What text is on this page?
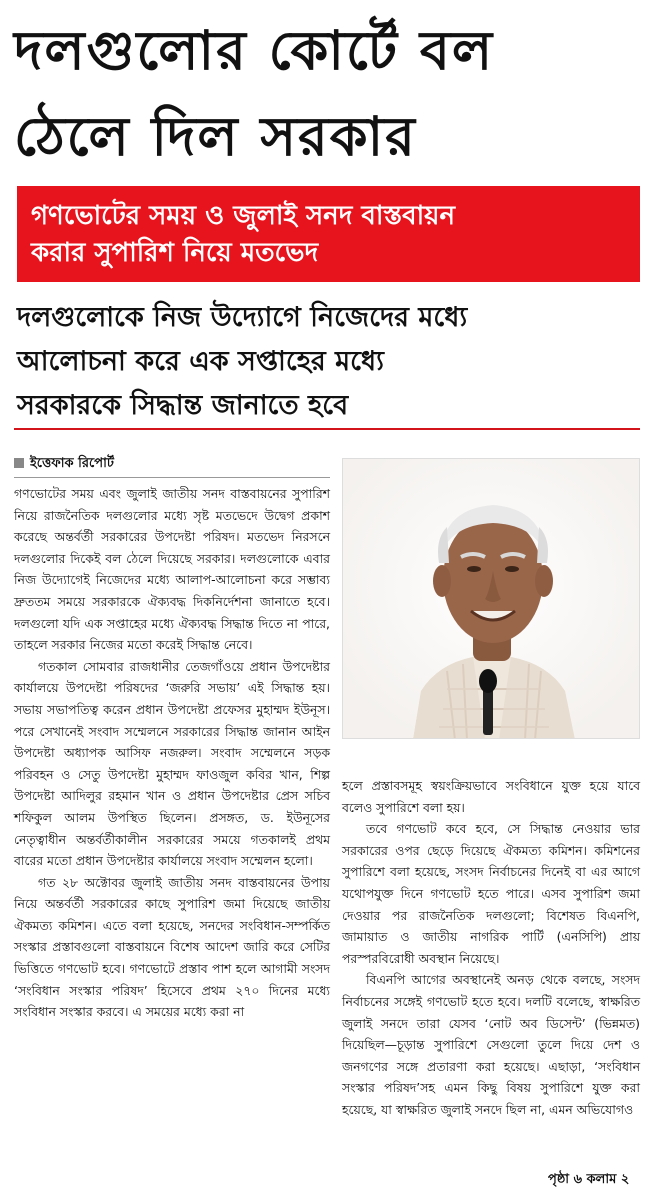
দলগুলোর কোর্টে বল
ঠেলে দিল সরকার
গণভোটের সময় ও জুলাই সনদ বাস্তবায়ন
করার সুপারিশ নিয়ে মতভেদ
দলগুলোকে নিজ উদ্যোগে নিজেদের মধ্যে
আলোচনা করে এক সপ্তাহের মধ্যে
সরকারকে সিদ্ধান্ত জানাতে হবে
ইত্তেফাক রিপোর্ট

গণভোটের সময় এবং জুলাই জাতীয় সনদ বাস্তবায়নের সুপারিশ নিয়ে রাজনৈতিক দলগুলোর মধ্যে সৃষ্ট মতভেদে উদ্বেগ প্রকাশ করেছে অন্তর্বর্তী সরকারের উপদেষ্টা পরিষদ। মতভেদ নিরসনে দলগুলোর দিকেই বল ঠেলে দিয়েছে সরকার। দলগুলোকে এবার নিজ উদ্যোগেই নিজেদের মধ্যে আলাপ-আলোচনা করে সম্ভাব্য দ্রুততম সময়ে সরকারকে ঐক্যবদ্ধ দিকনির্দেশনা জানাতে হবে। দলগুলো যদি এক সপ্তাহের মধ্যে ঐক্যবদ্ধ সিদ্ধান্ত দিতে না পারে, তাহলে সরকার নিজের মতো করেই সিদ্ধান্ত নেবে।

গতকাল সোমবার রাজধানীর তেজগাঁওয়ে প্রধান উপদেষ্টার কার্যালয়ে উপদেষ্টা পরিষদের ‘জরুরি সভায়’ এই সিদ্ধান্ত হয়। সভায় সভাপতিত্ব করেন প্রধান উপদেষ্টা প্রফেসর মুহাম্মদ ইউনূস। পরে সেখানেই সংবাদ সম্মেলনে সরকারের সিদ্ধান্ত জানান আইন উপদেষ্টা অধ্যাপক আসিফ নজরুল। সংবাদ সম্মেলনে সড়ক পরিবহন ও সেতু উপদেষ্টা মুহাম্মদ ফাওজুল কবির খান, শিল্প উপদেষ্টা আদিলুর রহমান খান ও প্রধান উপদেষ্টার প্রেস সচিব শফিকুল আলম উপস্থিত ছিলেন। প্রসঙ্গত, ড. ইউনূসের নেতৃত্বাধীন অন্তর্বর্তীকালীন সরকারের সময়ে গতকালই প্রথম বারের মতো প্রধান উপদেষ্টার কার্যালয়ে সংবাদ সম্মেলন হলো।

গত ২৮ অক্টোবর জুলাই জাতীয় সনদ বাস্তবায়নের উপায় নিয়ে অন্তর্বর্তী সরকারের কাছে সুপারিশ জমা দিয়েছে জাতীয় ঐকমত্য কমিশন। এতে বলা হয়েছে, সনদের সংবিধান-সম্পর্কিত সংস্কার প্রস্তাবগুলো বাস্তবায়নে বিশেষ আদেশ জারি করে সেটির ভিত্তিতে গণভোট হবে। গণভোটে প্রস্তাব পাশ হলে আগামী সংসদ ‘সংবিধান সংস্কার পরিষদ’ হিসেবে প্রথম ২৭০ দিনের মধ্যে সংবিধান সংস্কার করবে। এ সময়ের মধ্যে করা না

হলে প্রস্তাবসমূহ স্বয়ংক্রিয়ভাবে সংবিধানে যুক্ত হয়ে যাবে বলেও সুপারিশে বলা হয়।

তবে গণভোট কবে হবে, সে সিদ্ধান্ত নেওয়ার ভার সরকারের ওপর ছেড়ে দিয়েছে ঐকমত্য কমিশন। কমিশনের সুপারিশে বলা হয়েছে, সংসদ নির্বাচনের দিনেই বা এর আগে যথোপযুক্ত দিনে গণভোট হতে পারে। এসব সুপারিশ জমা দেওয়ার পর রাজনৈতিক দলগুলো; বিশেষত বিএনপি, জামায়াত ও জাতীয় নাগরিক পার্টি (এনসিপি) প্রায় পরস্পরবিরোধী অবস্থান নিয়েছে।

বিএনপি আগের অবস্থানেই অনড় থেকে বলছে, সংসদ নির্বাচনের সঙ্গেই গণভোট হতে হবে। দলটি বলেছে, স্বাক্ষরিত জুলাই সনদে তারা যেসব ‘নোট অব ডিসেন্ট’ (ভিন্নমত) দিয়েছিল—চূড়ান্ত সুপারিশে সেগুলো তুলে দিয়ে দেশ ও জনগণের সঙ্গে প্রতারণা করা হয়েছে। এছাড়া, ‘সংবিধান সংস্কার পরিষদ’সহ এমন কিছু বিষয় সুপারিশে যুক্ত করা হয়েছে, যা স্বাক্ষরিত জুলাই সনদে ছিল না, এমন অভিযোগও

পৃষ্ঠা ৬ কলাম ২
